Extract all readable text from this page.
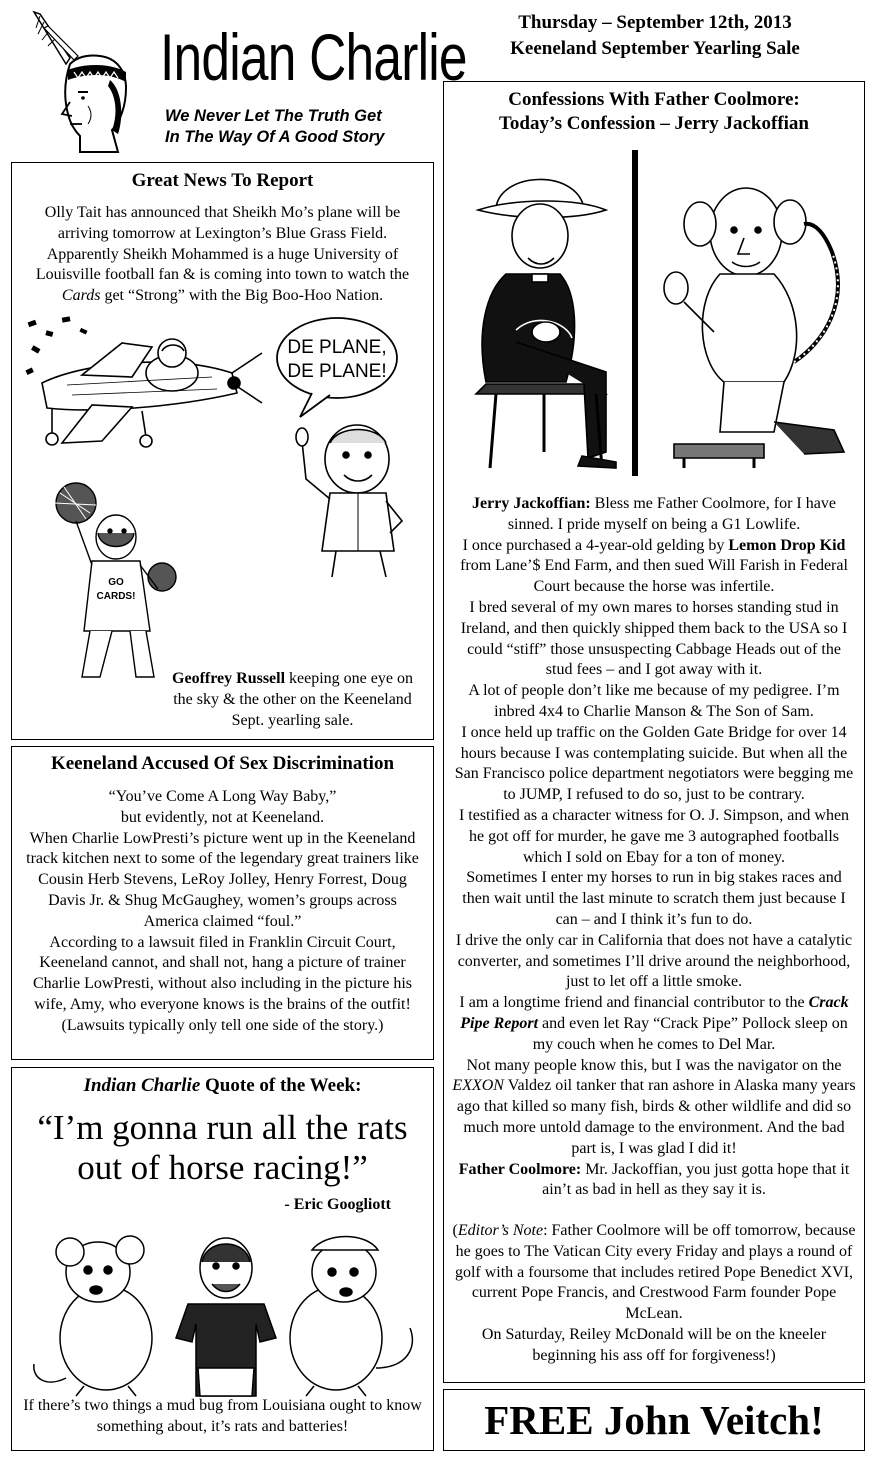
Indian Charlie
We Never Let The Truth Get
In The Way Of A Good Story
Thursday – September 12th, 2013
Keeneland September Yearling Sale
Great News To Report

Olly Tait has announced that Sheikh Mo’s plane will be arriving tomorrow at Lexington’s Blue Grass Field. Apparently Sheikh Mohammed is a huge University of Louisville football fan & is coming into town to watch the Cards get “Strong” with the Big Boo-Hoo Nation.

DE PLANE,
DE PLANE!
GO
CARDS!
Geoffrey Russell keeping one eye on the sky & the other on the Keeneland Sept. yearling sale.
Keeneland Accused Of Sex Discrimination

“You’ve Come A Long Way Baby,”

but evidently, not at Keeneland.

When Charlie LowPresti’s picture went up in the Keeneland track kitchen next to some of the legendary great trainers like Cousin Herb Stevens, LeRoy Jolley, Henry Forrest, Doug Davis Jr. & Shug McGaughey, women’s groups across America claimed “foul.”

According to a lawsuit filed in Franklin Circuit Court, Keeneland cannot, and shall not, hang a picture of trainer Charlie LowPresti, without also including in the picture his wife, Amy, who everyone knows is the brains of the outfit!

(Lawsuits typically only tell one side of the story.)

Indian Charlie Quote of the Week:
“I’m gonna run all the rats out of horse racing!”
- Eric Googliott
If there’s two things a mud bug from Louisiana ought to know something about, it’s rats and batteries!
Confessions With Father Coolmore:
Today’s Confession – Jerry Jackoffian

Jerry Jackoffian: Bless me Father Coolmore, for I have sinned. I pride myself on being a G1 Lowlife.

I once purchased a 4-year-old gelding by Lemon Drop Kid from Lane’$ End Farm, and then sued Will Farish in Federal Court because the horse was infertile.

I bred several of my own mares to horses standing stud in Ireland, and then quickly shipped them back to the USA so I could “stiff” those unsuspecting Cabbage Heads out of the stud fees – and I got away with it.

A lot of people don’t like me because of my pedigree. I’m inbred 4x4 to Charlie Manson & The Son of Sam.

I once held up traffic on the Golden Gate Bridge for over 14 hours because I was contemplating suicide. But when all the San Francisco police department negotiators were begging me to JUMP, I refused to do so, just to be contrary.

I testified as a character witness for O. J. Simpson, and when he got off for murder, he gave me 3 autographed footballs which I sold on Ebay for a ton of money.

Sometimes I enter my horses to run in big stakes races and then wait until the last minute to scratch them just because I can – and I think it’s fun to do.

I drive the only car in California that does not have a catalytic converter, and sometimes I’ll drive around the neighborhood, just to let off a little smoke.

I am a longtime friend and financial contributor to the Crack Pipe Report and even let Ray “Crack Pipe” Pollock sleep on my couch when he comes to Del Mar.

Not many people know this, but I was the navigator on the EXXON Valdez oil tanker that ran ashore in Alaska many years ago that killed so many fish, birds & other wildlife and did so much more untold damage to the environment. And the bad part is, I was glad I did it!

Father Coolmore: Mr. Jackoffian, you just gotta hope that it ain’t as bad in hell as they say it is.

(Editor’s Note: Father Coolmore will be off tomorrow, because he goes to The Vatican City every Friday and plays a round of golf with a foursome that includes retired Pope Benedict XVI, current Pope Francis, and Crestwood Farm founder Pope McLean.

On Saturday, Reiley McDonald will be on the kneeler beginning his ass off for forgiveness!)

FREE John Veitch!
